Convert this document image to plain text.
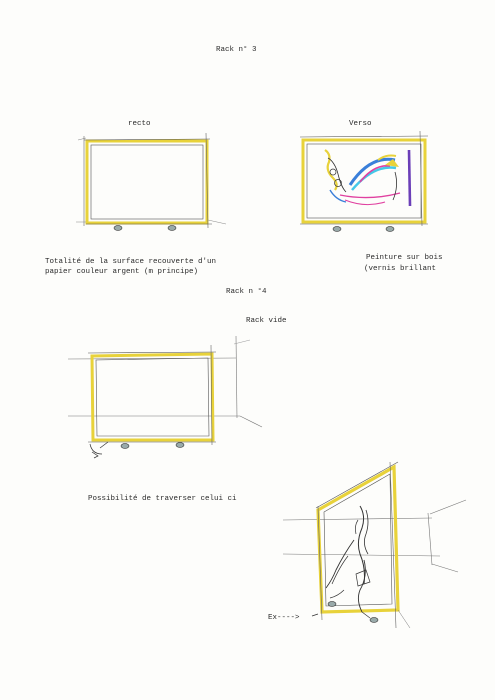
Rack n° 3
recto	Verso
Totalité de la surface recouverte d'un
papier couleur argent (m principe)
Peinture sur bois
(vernis brillant
Rack n °4
Rack vide
Possibilité de traverser celui ci
Ex---->
